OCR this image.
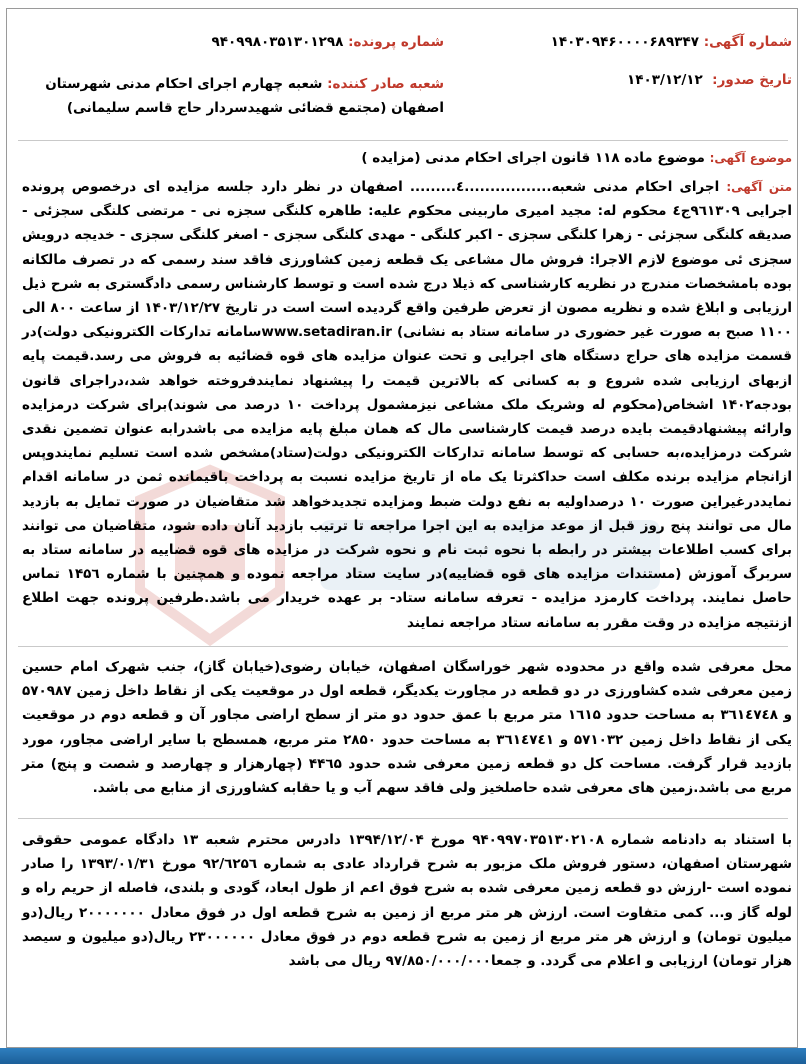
شماره آگهی:

۱۴۰۳۰۹۴۶۰۰۰۰۶۸۹۳۴۷
شماره پرونده:

۹۴۰۹۹۸۰۳۵۱۳۰۱۲۹۸
تاریخ صدور:

۱۴۰۳/۱۲/۱۲
شعبه صادر کننده: شعبه چهارم اجرای احکام مدنی شهرستان اصفهان (مجتمع قضائی شهیدسردار حاج قاسم سلیمانی)
موضوع آگهی: موضوع ماده ۱۱۸ قانون اجرای احکام مدنی (مزایده )
متن آگهی: اجرای احکام مدنی شعبه.................٤......... اصفهان در نظر دارد جلسه مزایده ای درخصوص پرونده اجرایی ۹٦١٣٠٩ج٤ محکوم له: مجید امیری ماربینی محکوم علیه: طاهره کلنگی سجزه نی - مرتضی کلنگی سجزئی - صدیقه کلنگی سجزئی - زهرا کلنگی سجزی - اکبر کلنگی - مهدی کلنگی سجزی - اصغر کلنگی سجزی - خدیجه درویش سجزی ئی موضوع لازم الاجرا: فروش مال مشاعی یک قطعه زمین کشاورزی فاقد سند رسمی که در تصرف مالکانه بوده بامشخصات مندرج در نظریه کارشناسی که ذیلا درج شده است و توسط کارشناس رسمی دادگستری به شرح ذیل ارزیابی و ابلاغ شده و نظریه مصون از تعرض طرفین واقع گردیده است است در تاریخ ۱۴۰۳/۱۲/۲۷ از ساعت ۸۰۰ الی ۱۱۰۰ صبح به صورت غیر حضوری در سامانه ستاد به نشانی) www.setadiran.irسامانه تدارکات الکترونیکی دولت)در قسمت مزایده های حراج دستگاه های اجرایی و تحت عنوان مزایده های قوه قضائیه به فروش می رسد.قیمت پایه ازبهای ارزیابی شده شروع و به کسانی که بالاترین قیمت را پیشنهاد نمایندفروخته خواهد شد،دراجرای قانون بودجه۱۴۰۲ اشخاص(محکوم له وشریک ملک مشاعی نیزمشمول پرداخت ۱۰ درصد می شوند)برای شرکت درمزایده وارائه پیشنهادقیمت بایده درصد قیمت کارشناسی مال که همان مبلغ پایه مزایده می باشدرابه عنوان تضمین نقدی شرکت درمزایده،به حسابی که توسط سامانه تدارکات الکترونیکی دولت(ستاد)مشخص شده است تسلیم نمایندوپس ازانجام مزایده برنده مکلف است حداکثرتا یک ماه از تاریخ مزایده نسبت به پرداخت باقیمانده ثمن در سامانه اقدام نمایددرغیراین صورت ۱۰ درصداولیه به نفع دولت ضبط ومزایده تجدیدخواهد شد متقاضیان در صورت تمایل به بازدید مال می توانند پنج روز قبل از موعد مزایده به این اجرا مراجعه تا ترتیب بازدید آنان داده شود، متقاضیان می توانند برای کسب اطلاعات بیشتر در رابطه با نحوه ثبت نام و نحوه شرکت در مزایده های قوه قضاییه در سامانه ستاد به سربرگ آموزش (مستندات مزایده های قوه قضاییه)در سایت ستاد مراجعه نموده و همچنین با شماره ۱۴۵٦ تماس حاصل نمایند. پرداخت کارمزد مزایده - تعرفه سامانه ستاد- بر عهده خریدار می باشد.طرفین پرونده جهت اطلاع ازنتیجه مزایده در وقت مقرر به سامانه ستاد مراجعه نمایند
محل معرفی شده واقع در محدوده شهر خوراسگان اصفهان، خیابان رضوی(خیابان گاز)، جنب شهرک امام حسین زمین معرفی شده کشاورزی در دو قطعه در مجاورت یکدیگر، قطعه اول در موقعیت یکی از نقاط داخل زمین ۵۷۰۹۸۷ و ۳٦١٤٧٤٨ به مساحت حدود ۱٦١۵ متر مربع با عمق حدود دو متر از سطح اراضی مجاور آن و قطعه دوم در موقعیت یکی از نقاط داخل زمین ۵۷۱۰۳۲ و ۳٦١٤٧٤١ به مساحت حدود ۲۸۵۰ متر مربع، همسطح با سایر اراضی مجاور، مورد بازدید قرار گرفت. مساحت کل دو قطعه زمین معرفی شده حدود ۴۴٦۵ (چهارهزار و چهارصد و شصت و پنج) متر مربع می باشد.زمین های معرفی شده حاصلخیز ولی فاقد سهم آب و یا حقابه کشاورزی از منابع می باشد.
با استناد به دادنامه شماره ۹۴۰۹۹۷۰۳۵۱۳۰۲۱۰۸ مورخ ۱۳۹۴/۱۲/۰۴ دادرس محترم شعبه ۱۳ دادگاه عمومی حقوقی شهرستان اصفهان، دستور فروش ملک مزبور به شرح قرارداد عادی به شماره ۹۲/٦۲۵٦ مورخ ۱۳۹۳/۰۱/۳۱ را صادر نموده است -ارزش دو قطعه زمین معرفی شده به شرح فوق اعم از طول ابعاد، گودی و بلندی، فاصله از حریم راه و لوله گاز و... کمی متفاوت است. ارزش هر متر مربع از زمین به شرح قطعه اول در فوق معادل ۲۰۰۰۰۰۰۰ ریال(دو میلیون تومان) و ارزش هر متر مربع از زمین به شرح قطعه دوم در فوق معادل ۲۳۰۰۰۰۰۰ ریال(دو میلیون و سیصد هزار تومان) ارزیابی و اعلام می گردد. و جمعا۹۷/۸۵۰/۰۰۰/۰۰۰ ریال می باشد
